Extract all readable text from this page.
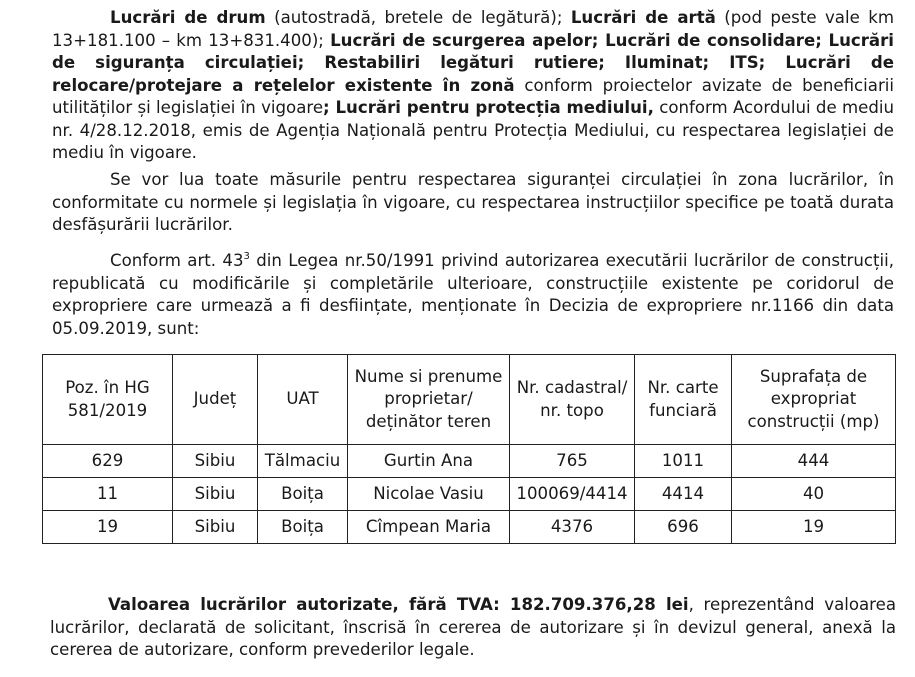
Lucrări de drum (autostradă, bretele de legătură); Lucrări de artă (pod peste vale km 13+181.100 – km 13+831.400); Lucrări de scurgerea apelor; Lucrări de consolidare; Lucrări de siguranța circulației; Restabiliri legături rutiere; Iluminat; ITS; Lucrări de relocare/protejare a rețelelor existente în zonă conform proiectelor avizate de beneficiarii utilităților și legislației în vigoare; Lucrări pentru protecția mediului, conform Acordului de mediu nr. 4/28.12.2018, emis de Agenția Națională pentru Protecția Mediului, cu respectarea legislației de mediu în vigoare.

Se vor lua toate măsurile pentru respectarea siguranței circulației în zona lucrărilor, în conformitate cu normele și legislația în vigoare, cu respectarea instrucțiilor specifice pe toată durata desfășurării lucrărilor.

Conform art. $43^3$ din Legea nr.50/1991 privind autorizarea executării lucrărilor de construcții, republicată cu modificările și completările ulterioare, construcțiile existente pe coridorul de expropriere care urmează a fi desființate, menționate în Decizia de expropriere nr.1166 din data 05.09.2019, sunt:

Poz. în HG 581/2019	Județ	UAT	Nume si prenume proprietar/ deținător teren	Nr. cadastral/ nr. topo	Nr. carte funciară	Suprafața de expropriat construcții (mp)
629	Sibiu	Tălmaciu	Gurtin Ana	765	1011	444
11	Sibiu	Boița	Nicolae Vasiu	100069/4414	4414	40
19	Sibiu	Boița	Cîmpean Maria	4376	696	19

Valoarea lucrărilor autorizate, fără TVA: 182.709.376,28 lei, reprezentând valoarea lucrărilor, declarată de solicitant, înscrisă în cererea de autorizare și în devizul general, anexă la cererea de autorizare, conform prevederilor legale.
